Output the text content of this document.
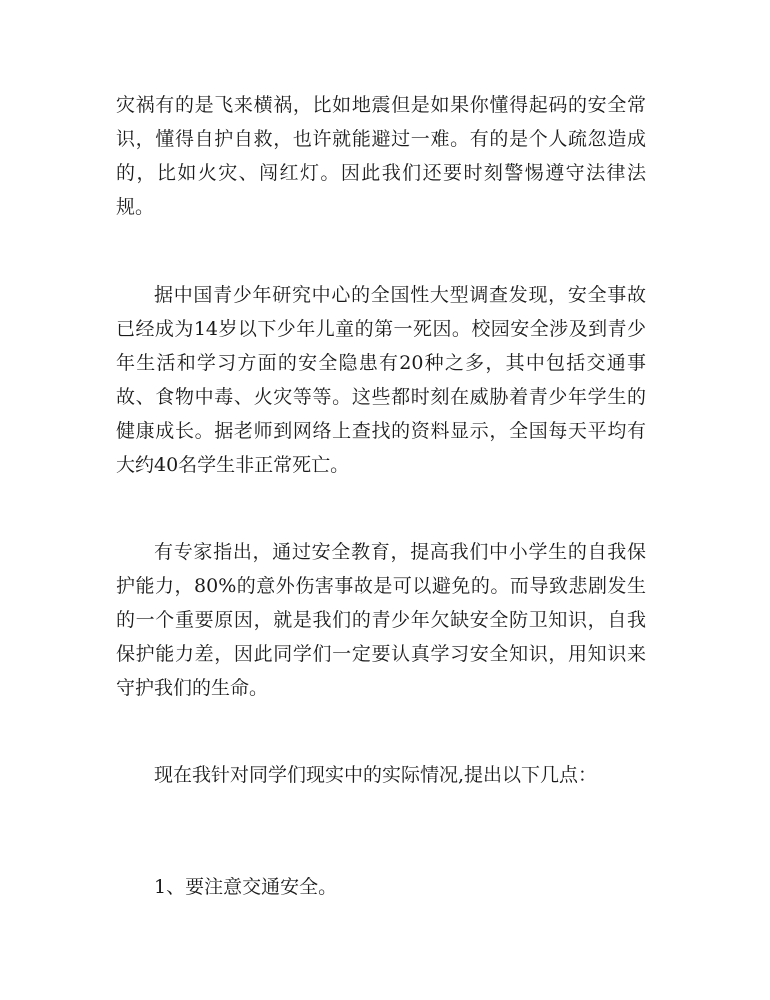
灾祸有的是飞来横祸，比如地震但是如果你懂得起码的安全常识，懂得自护自救，也许就能避过一难。有的是个人疏忽造成的，比如火灾、闯红灯。因此我们还要时刻警惕遵守法律法规。

据中国青少年研究中心的全国性大型调查发现，安全事故已经成为14岁以下少年儿童的第一死因。校园安全涉及到青少年生活和学习方面的安全隐患有20种之多，其中包括交通事故、食物中毒、火灾等等。这些都时刻在威胁着青少年学生的健康成长。据老师到网络上查找的资料显示，全国每天平均有大约40名学生非正常死亡。

有专家指出，通过安全教育，提高我们中小学生的自我保护能力，80%的意外伤害事故是可以避免的。而导致悲剧发生的一个重要原因，就是我们的青少年欠缺安全防卫知识，自我保护能力差，因此同学们一定要认真学习安全知识，用知识来守护我们的生命。

现在我针对同学们现实中的实际情况,提出以下几点：

1、要注意交通安全。
